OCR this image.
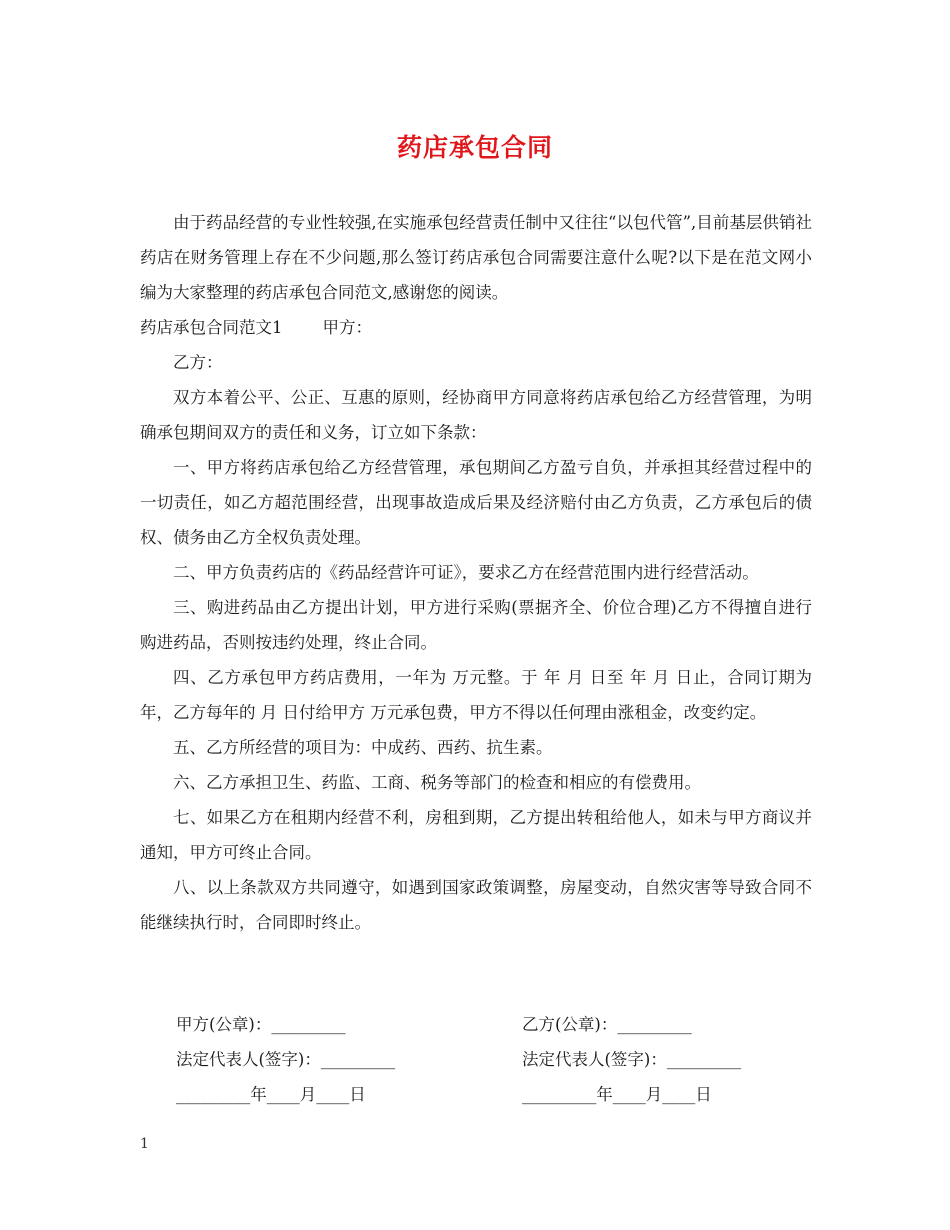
药店承包合同

由于药品经营的专业性较强,在实施承包经营责任制中又往往“以包代管”,目前基层供销社药店在财务管理上存在不少问题,那么签订药店承包合同需要注意什么呢?以下是在范文网小编为大家整理的药店承包合同范文,感谢您的阅读。

药店承包合同范文1 甲方：

乙方：

双方本着公平、公正、互惠的原则，经协商甲方同意将药店承包给乙方经营管理，为明确承包期间双方的责任和义务，订立如下条款：

一、甲方将药店承包给乙方经营管理，承包期间乙方盈亏自负，并承担其经营过程中的一切责任，如乙方超范围经营，出现事故造成后果及经济赔付由乙方负责，乙方承包后的债权、债务由乙方全权负责处理。

二、甲方负责药店的《药品经营许可证》，要求乙方在经营范围内进行经营活动。

三、购进药品由乙方提出计划，甲方进行采购(票据齐全、价位合理)乙方不得擅自进行购进药品，否则按违约处理，终止合同。

四、乙方承包甲方药店费用，一年为 万元整。于 年 月 日至 年 月 日止，合同订期为 年，乙方每年的 月 日付给甲方 万元承包费，甲方不得以任何理由涨租金，改变约定。

五、乙方所经营的项目为：中成药、西药、抗生素。

六、乙方承担卫生、药监、工商、税务等部门的检查和相应的有偿费用。

七、如果乙方在租期内经营不利，房租到期，乙方提出转租给他人，如未与甲方商议并通知，甲方可终止合同。

八、以上条款双方共同遵守，如遇到国家政策调整，房屋变动，自然灾害等导致合同不能继续执行时，合同即时终止。

甲方(公章)：_________	乙方(公章)：_________
法定代表人(签字)：_________	法定代表人(签字)：_________
_________年____月____日	_________年____月____日
1
